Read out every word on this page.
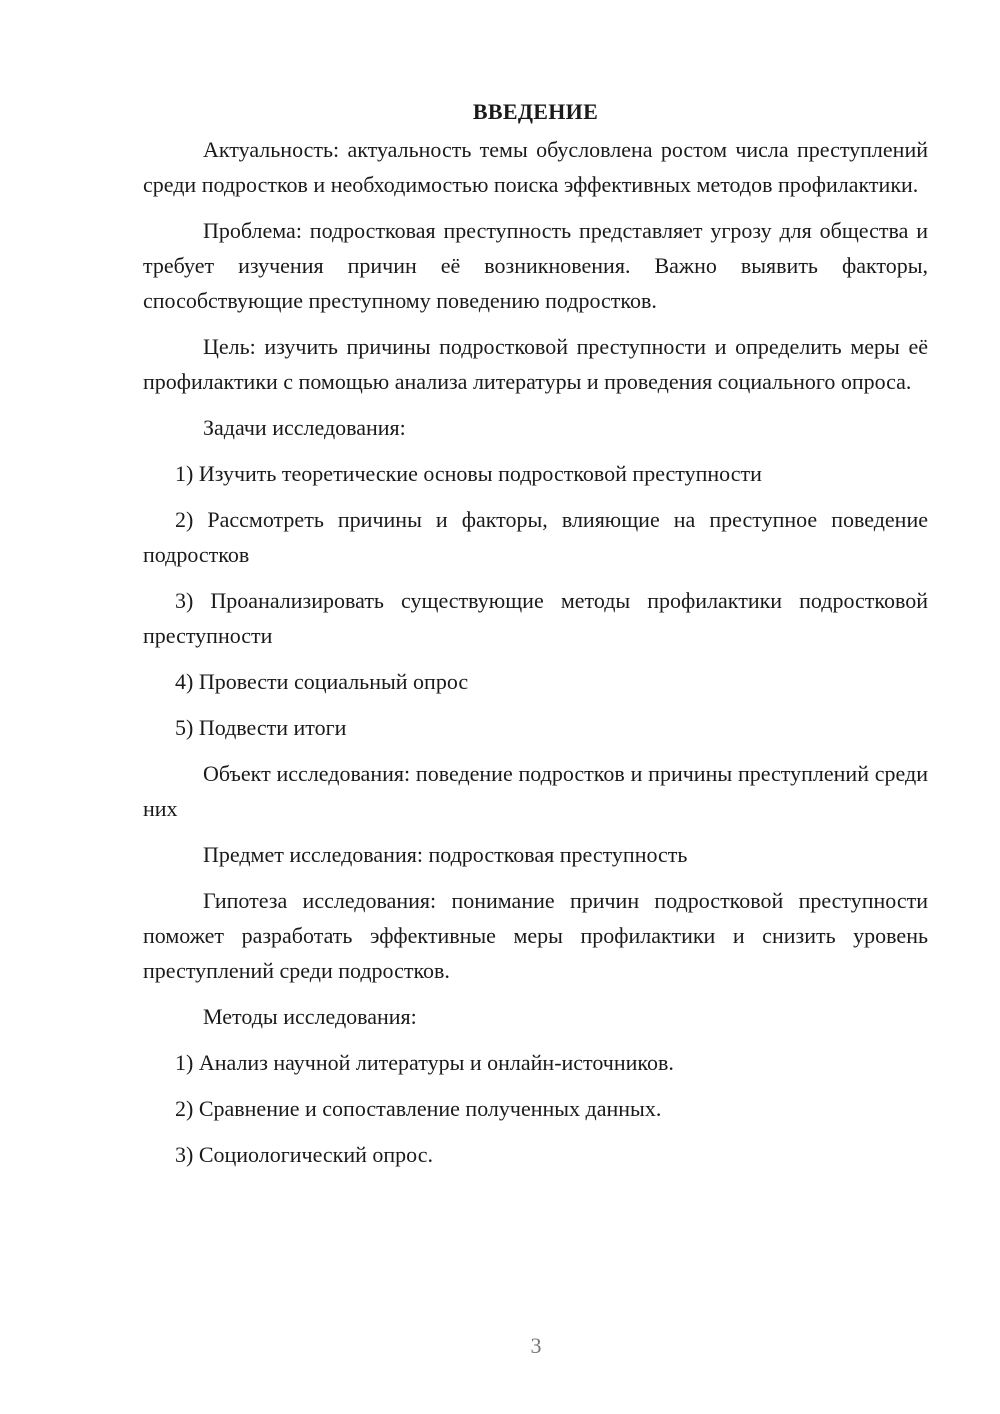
ВВЕДЕНИЕ

Актуальность: актуальность темы обусловлена ростом числа преступлений среди подростков и необходимостью поиска эффективных методов профилактики.

Проблема: подростковая преступность представляет угрозу для общества и требует изучения причин её возникновения. Важно выявить факторы, способствующие преступному поведению подростков.

Цель: изучить причины подростковой преступности и определить меры её профилактики с помощью анализа литературы и проведения социального опроса.

Задачи исследования:

1) Изучить теоретические основы подростковой преступности

2) Рассмотреть причины и факторы, влияющие на преступное поведение подростков

3) Проанализировать существующие методы профилактики подростковой преступности

4) Провести социальный опрос

5) Подвести итоги

Объект исследования: поведение подростков и причины преступлений среди них

Предмет исследования: подростковая преступность

Гипотеза исследования: понимание причин подростковой преступности поможет разработать эффективные меры профилактики и снизить уровень преступлений среди подростков.

Методы исследования:

1) Анализ научной литературы и онлайн-источников.

2) Сравнение и сопоставление полученных данных.

3) Социологический опрос.

3
